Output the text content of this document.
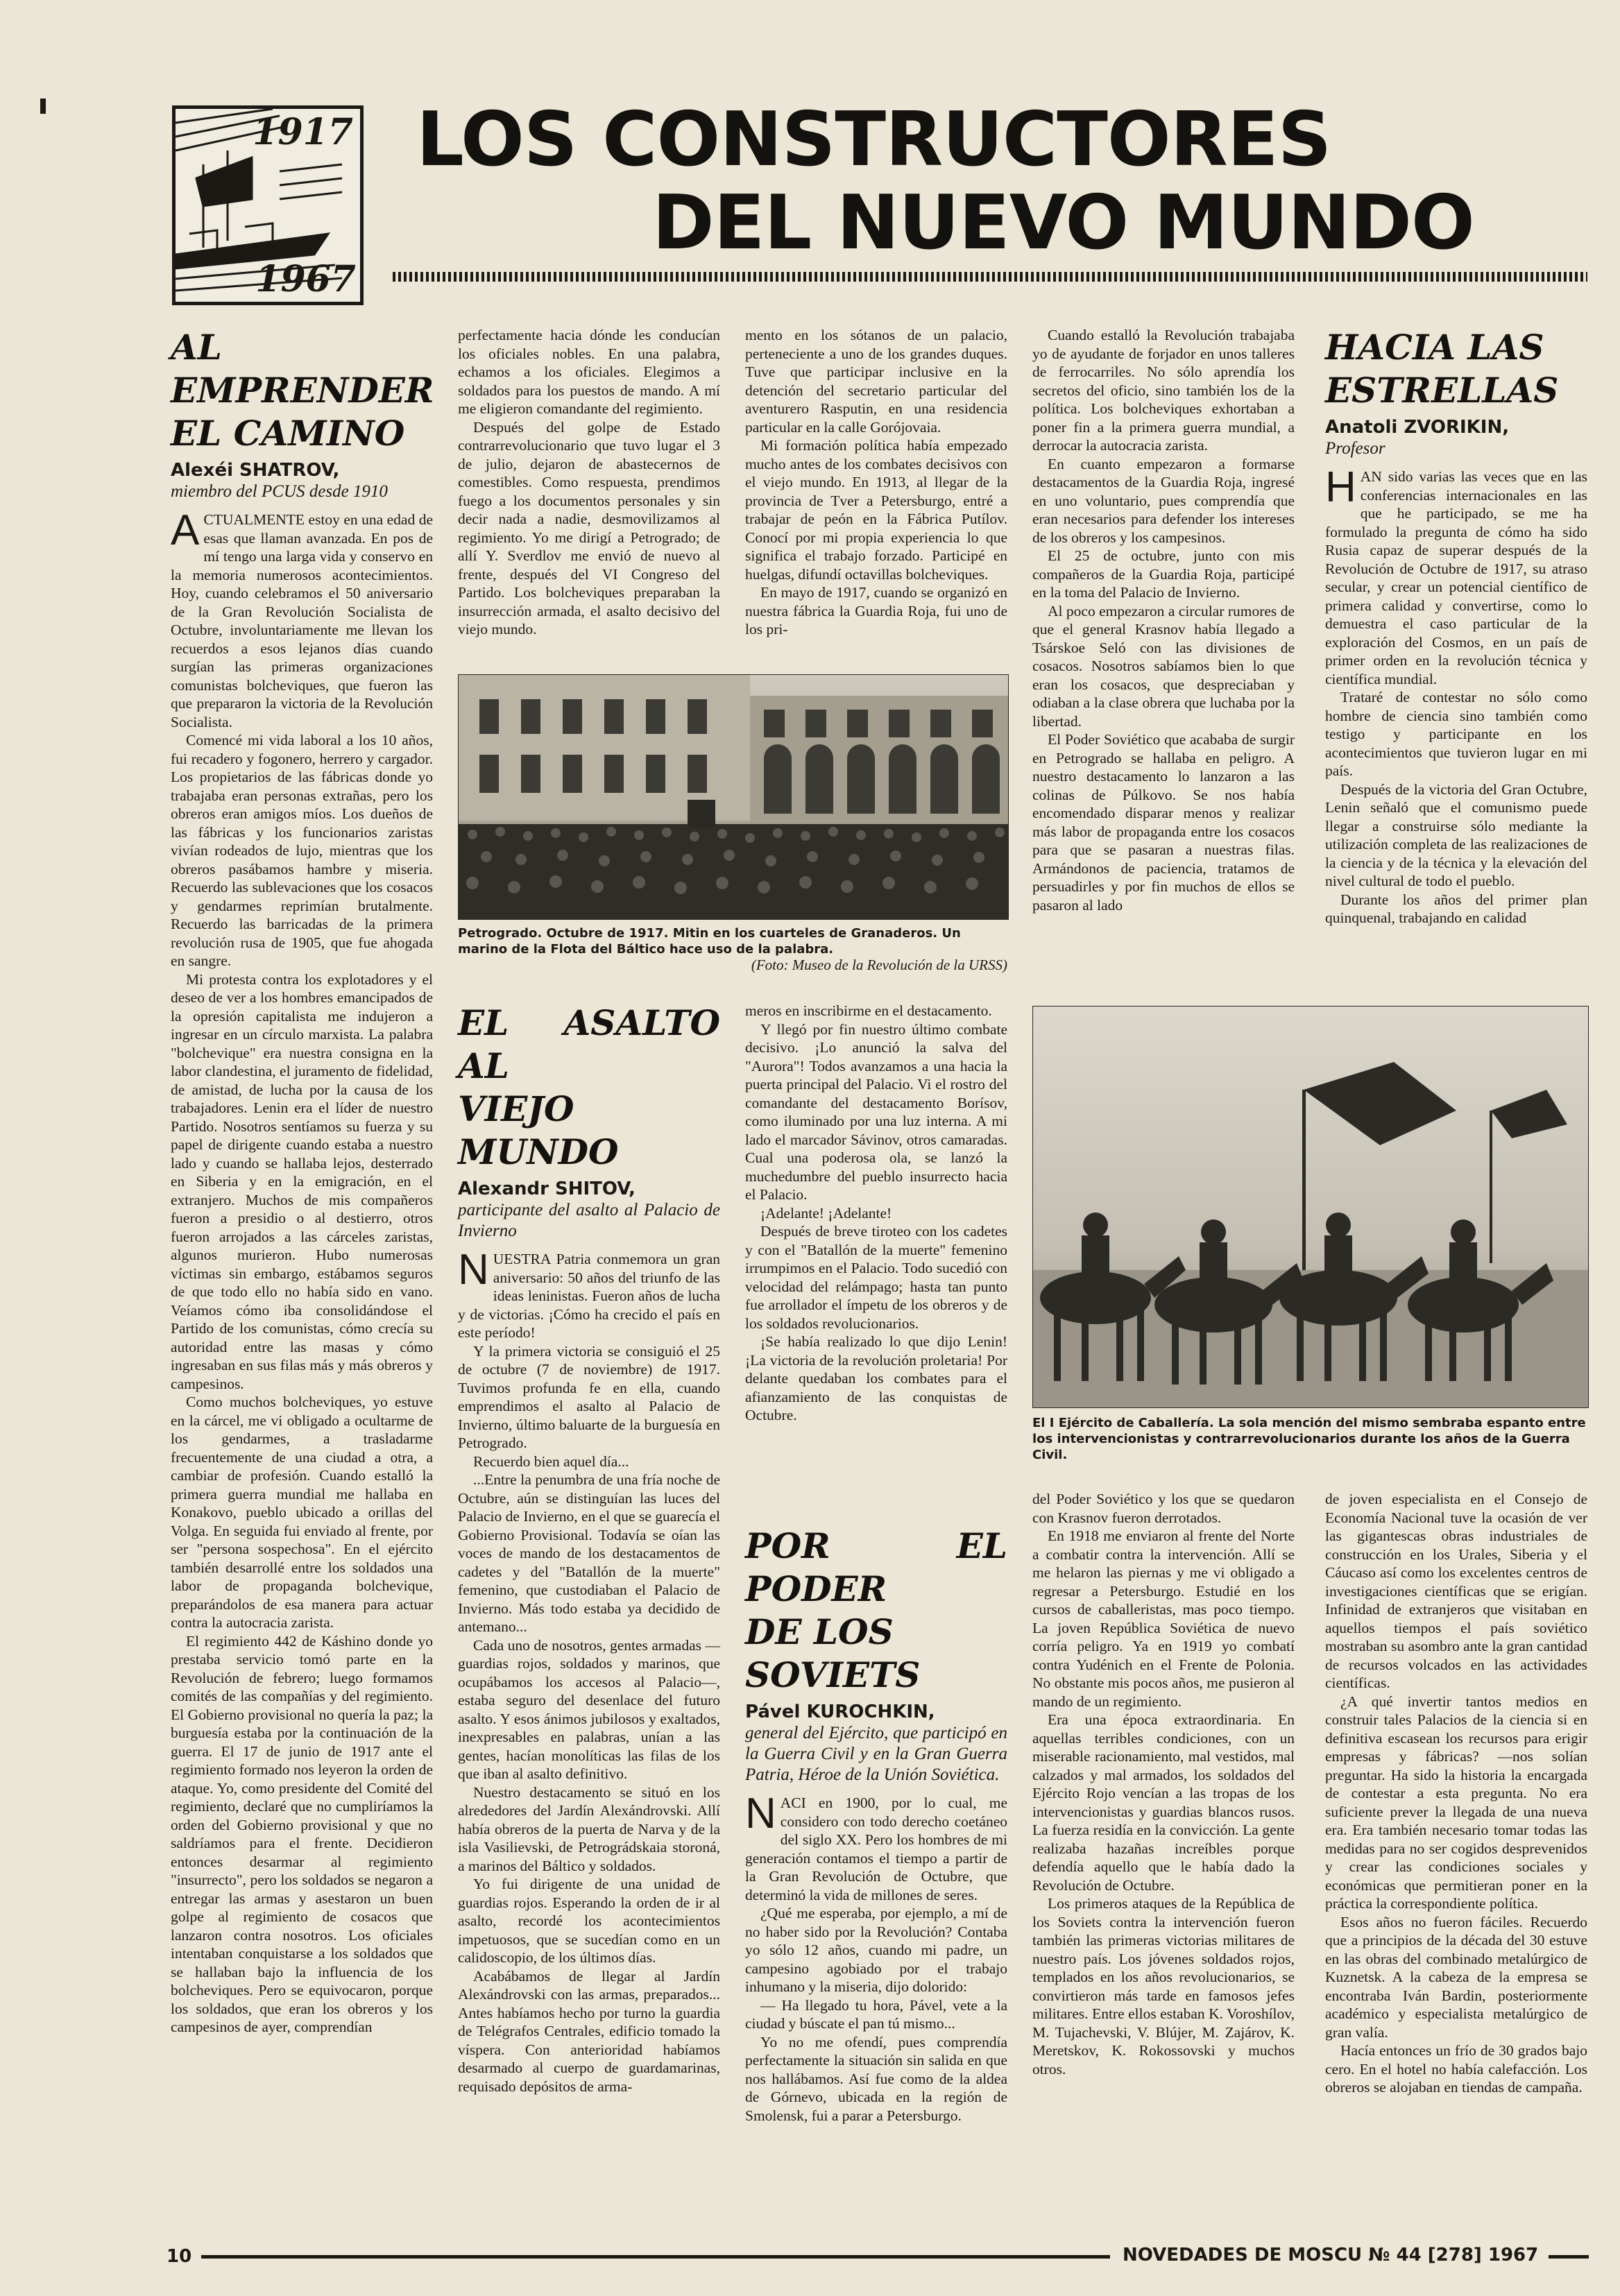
1917
1967
LOS CONSTRUCTORES
DEL NUEVO MUNDO
AL EMPRENDER
EL CAMINO
Alexéi SHATROV,
miembro del PCUS desde 1910

ACTUALMENTE estoy en una edad de esas que llaman avanzada. En pos de mí tengo una larga vida y conservo en la memoria numerosos acontecimientos. Hoy, cuando celebramos el 50 aniversario de la Gran Revolución Socialista de Octubre, involuntariamente me llevan los recuerdos a esos lejanos días cuando surgían las primeras organizaciones comunistas bolcheviques, que fueron las que prepararon la victoria de la Revolución Socialista.

Comencé mi vida laboral a los 10 años, fui recadero y fogonero, herrero y cargador. Los propietarios de las fábricas donde yo trabajaba eran personas extrañas, pero los obreros eran amigos míos. Los dueños de las fábricas y los funcionarios zaristas vivían rodeados de lujo, mientras que los obreros pasábamos hambre y miseria. Recuerdo las sublevaciones que los cosacos y gendarmes reprimían brutalmente. Recuerdo las barricadas de la primera revolución rusa de 1905, que fue ahogada en sangre.

Mi protesta contra los explotadores y el deseo de ver a los hombres emancipados de la opresión capitalista me indujeron a ingresar en un círculo marxista. La palabra "bolchevique" era nuestra consigna en la labor clandestina, el juramento de fidelidad, de amistad, de lucha por la causa de los trabajadores. Lenin era el líder de nuestro Partido. Nosotros sentíamos su fuerza y su papel de dirigente cuando estaba a nuestro lado y cuando se hallaba lejos, desterrado en Siberia y en la emigración, en el extranjero. Muchos de mis compañeros fueron a presidio o al destierro, otros fueron arrojados a las cárceles zaristas, algunos murieron. Hubo numerosas víctimas sin embargo, estábamos seguros de que todo ello no había sido en vano. Veíamos cómo iba consolidándose el Partido de los comunistas, cómo crecía su autoridad entre las masas y cómo ingresaban en sus filas más y más obreros y campesinos.

Como muchos bolcheviques, yo estuve en la cárcel, me vi obligado a ocultarme de los gendarmes, a trasladarme frecuentemente de una ciudad a otra, a cambiar de profesión. Cuando estalló la primera guerra mundial me hallaba en Konakovo, pueblo ubicado a orillas del Volga. En seguida fui enviado al frente, por ser "persona sospechosa". En el ejército también desarrollé entre los soldados una labor de propaganda bolchevique, preparándolos de esa manera para actuar contra la autocracia zarista.

El regimiento 442 de Káshino donde yo prestaba servicio tomó parte en la Revolución de febrero; luego formamos comités de las compañías y del regimiento. El Gobierno provisional no quería la paz; la burguesía estaba por la continuación de la guerra. El 17 de junio de 1917 ante el regimiento formado nos leyeron la orden de ataque. Yo, como presidente del Comité del regimiento, declaré que no cumpliríamos la orden del Gobierno provisional y que no saldríamos para el frente. Decidieron entonces desarmar al regimiento "insurrecto", pero los soldados se negaron a entregar las armas y asestaron un buen golpe al regimiento de cosacos que lanzaron contra nosotros. Los oficiales intentaban conquistarse a los soldados que se hallaban bajo la influencia de los bolcheviques. Pero se equivocaron, porque los soldados, que eran los obreros y los campesinos de ayer, comprendían

perfectamente hacia dónde les conducían los oficiales nobles. En una palabra, echamos a los oficiales. Elegimos a soldados para los puestos de mando. A mí me eligieron comandante del regimiento.

Después del golpe de Estado contrarrevolucionario que tuvo lugar el 3 de julio, dejaron de abastecernos de comestibles. Como respuesta, prendimos fuego a los documentos personales y sin decir nada a nadie, desmovilizamos al regimiento. Yo me dirigí a Petrogrado; de allí Y. Sverdlov me envió de nuevo al frente, después del VI Congreso del Partido. Los bolcheviques preparaban la insurrección armada, el asalto decisivo del viejo mundo.

mento en los sótanos de un palacio, perteneciente a uno de los grandes duques. Tuve que participar inclusive en la detención del secretario particular del aventurero Rasputin, en una residencia particular en la calle Gorójovaia.

Mi formación política había empezado mucho antes de los combates decisivos con el viejo mundo. En 1913, al llegar de la provincia de Tver a Petersburgo, entré a trabajar de peón en la Fábrica Putílov. Conocí por mi propia experiencia lo que significa el trabajo forzado. Participé en huelgas, difundí octavillas bolcheviques.

En mayo de 1917, cuando se organizó en nuestra fábrica la Guardia Roja, fui uno de los pri-

Petrogrado. Octubre de 1917. Mitin en los cuarteles de Granaderos. Un marino de la Flota del Báltico hace uso de la palabra.
(Foto: Museo de la Revolución de la URSS)
EL ASALTO AL
VIEJO MUNDO
Alexandr SHITOV,
participante del asalto al Palacio de Invierno

NUESTRA Patria conmemora un gran aniversario: 50 años del triunfo de las ideas leninistas. Fueron años de lucha y de victorias. ¡Cómo ha crecido el país en este período!

Y la primera victoria se consiguió el 25 de octubre (7 de noviembre) de 1917. Tuvimos profunda fe en ella, cuando emprendimos el asalto al Palacio de Invierno, último baluarte de la burguesía en Petrogrado.

Recuerdo bien aquel día...

...Entre la penumbra de una fría noche de Octubre, aún se distinguían las luces del Palacio de Invierno, en el que se guarecía el Gobierno Provisional. Todavía se oían las voces de mando de los destacamentos de cadetes y del "Batallón de la muerte" femenino, que custodiaban el Palacio de Invierno. Más todo estaba ya decidido de antemano...

Cada uno de nosotros, gentes armadas —guardias rojos, soldados y marinos, que ocupábamos los accesos al Palacio—, estaba seguro del desenlace del futuro asalto. Y esos ánimos jubilosos y exaltados, inexpresables en palabras, unían a las gentes, hacían monolíticas las filas de los que iban al asalto definitivo.

Nuestro destacamento se situó en los alrededores del Jardín Alexándrovski. Allí había obreros de la puerta de Narva y de la isla Vasilievski, de Petrográdskaia storoná, a marinos del Báltico y soldados.

Yo fui dirigente de una unidad de guardias rojos. Esperando la orden de ir al asalto, recordé los acontecimientos impetuosos, que se sucedían como en un calidoscopio, de los últimos días.

Acabábamos de llegar al Jardín Alexándrovski con las armas, preparados... Antes habíamos hecho por turno la guardia de Telégrafos Centrales, edificio tomado la víspera. Con anterioridad habíamos desarmado al cuerpo de guardamarinas, requisado depósitos de arma-

meros en inscribirme en el destacamento.

Y llegó por fin nuestro último combate decisivo. ¡Lo anunció la salva del "Aurora"! Todos avanzamos a una hacia la puerta principal del Palacio. Vi el rostro del comandante del destacamento Borísov, como iluminado por una luz interna. A mi lado el marcador Sávinov, otros camaradas. Cual una poderosa ola, se lanzó la muchedumbre del pueblo insurrecto hacia el Palacio.

¡Adelante! ¡Adelante!

Después de breve tiroteo con los cadetes y con el "Batallón de la muerte" femenino irrumpimos en el Palacio. Todo sucedió con velocidad del relámpago; hasta tan punto fue arrollador el ímpetu de los obreros y de los soldados revolucionarios.

¡Se había realizado lo que dijo Lenin! ¡La victoria de la revolución proletaria! Por delante quedaban los combates para el afianzamiento de las conquistas de Octubre.

POR EL PODER
DE LOS
SOVIETS
Pável KUROCHKIN,
general del Ejército, que participó en la Guerra Civil y en la Gran Guerra Patria, Héroe de la Unión Soviética.

NACI en 1900, por lo cual, me considero con todo derecho coetáneo del siglo XX. Pero los hombres de mi generación contamos el tiempo a partir de la Gran Revolución de Octubre, que determinó la vida de millones de seres.

¿Qué me esperaba, por ejemplo, a mí de no haber sido por la Revolución? Contaba yo sólo 12 años, cuando mi padre, un campesino agobiado por el trabajo inhumano y la miseria, dijo dolorido:

— Ha llegado tu hora, Pável, vete a la ciudad y búscate el pan tú mismo...

Yo no me ofendí, pues comprendía perfectamente la situación sin salida en que nos hallábamos. Así fue como de la aldea de Górnevo, ubicada en la región de Smolensk, fui a parar a Petersburgo.

Cuando estalló la Revolución trabajaba yo de ayudante de forjador en unos talleres de ferrocarriles. No sólo aprendía los secretos del oficio, sino también los de la política. Los bolcheviques exhortaban a poner fin a la primera guerra mundial, a derrocar la autocracia zarista.

En cuanto empezaron a formarse destacamentos de la Guardia Roja, ingresé en uno voluntario, pues comprendía que eran necesarios para defender los intereses de los obreros y los campesinos.

El 25 de octubre, junto con mis compañeros de la Guardia Roja, participé en la toma del Palacio de Invierno.

Al poco empezaron a circular rumores de que el general Krasnov había llegado a Tsárskoe Seló con las divisiones de cosacos. Nosotros sabíamos bien lo que eran los cosacos, que despreciaban y odiaban a la clase obrera que luchaba por la libertad.

El Poder Soviético que acababa de surgir en Petrogrado se hallaba en peligro. A nuestro destacamento lo lanzaron a las colinas de Púlkovo. Se nos había encomendado disparar menos y realizar más labor de propaganda entre los cosacos para que se pasaran a nuestras filas. Armándonos de paciencia, tratamos de persuadirles y por fin muchos de ellos se pasaron al lado

HACIA LAS
ESTRELLAS
Anatoli ZVORIKIN,
Profesor

HAN sido varias las veces que en las conferencias internacionales en las que he participado, se me ha formulado la pregunta de cómo ha sido Rusia capaz de superar después de la Revolución de Octubre de 1917, su atraso secular, y crear un potencial científico de primera calidad y convertirse, como lo demuestra el caso particular de la exploración del Cosmos, en un país de primer orden en la revolución técnica y científica mundial.

Trataré de contestar no sólo como hombre de ciencia sino también como testigo y participante en los acontecimientos que tuvieron lugar en mi país.

Después de la victoria del Gran Octubre, Lenin señaló que el comunismo puede llegar a construirse sólo mediante la utilización completa de las realizaciones de la ciencia y de la técnica y la elevación del nivel cultural de todo el pueblo.

Durante los años del primer plan quinquenal, trabajando en calidad

El I Ejército de Caballería. La sola mención del mismo sembraba espanto entre los intervencionistas y contrarrevolucionarios durante los años de la Guerra Civil.

del Poder Soviético y los que se quedaron con Krasnov fueron derrotados.

En 1918 me enviaron al frente del Norte a combatir contra la intervención. Allí se me helaron las piernas y me vi obligado a regresar a Petersburgo. Estudié en los cursos de caballeristas, mas poco tiempo. La joven República Soviética de nuevo corría peligro. Ya en 1919 yo combatí contra Yudénich en el Frente de Polonia. No obstante mis pocos años, me pusieron al mando de un regimiento.

Era una época extraordinaria. En aquellas terribles condiciones, con un miserable racionamiento, mal vestidos, mal calzados y mal armados, los soldados del Ejército Rojo vencían a las tropas de los intervencionistas y guardias blancos rusos. La fuerza residía en la convicción. La gente realizaba hazañas increíbles porque defendía aquello que le había dado la Revolución de Octubre.

Los primeros ataques de la República de los Soviets contra la intervención fueron también las primeras victorias militares de nuestro país. Los jóvenes soldados rojos, templados en los años revolucionarios, se convirtieron más tarde en famosos jefes militares. Entre ellos estaban K. Voroshílov, M. Tujachevski, V. Blújer, M. Zajárov, K. Meretskov, K. Rokossovski y muchos otros.

de joven especialista en el Consejo de Economía Nacional tuve la ocasión de ver las gigantescas obras industriales de construcción en los Urales, Siberia y el Cáucaso así como los excelentes centros de investigaciones científicas que se erigían. Infinidad de extranjeros que visitaban en aquellos tiempos el país soviético mostraban su asombro ante la gran cantidad de recursos volcados en las actividades científicas.

¿A qué invertir tantos medios en construir tales Palacios de la ciencia si en definitiva escasean los recursos para erigir empresas y fábricas? —nos solían preguntar. Ha sido la historia la encargada de contestar a esta pregunta. No era suficiente prever la llegada de una nueva era. Era también necesario tomar todas las medidas para no ser cogidos desprevenidos y crear las condiciones sociales y económicas que permitieran poner en la práctica la correspondiente política.

Esos años no fueron fáciles. Recuerdo que a principios de la década del 30 estuve en las obras del combinado metalúrgico de Kuznetsk. A la cabeza de la empresa se encontraba Iván Bardin, posteriormente académico y especialista metalúrgico de gran valía.

Hacía entonces un frío de 30 grados bajo cero. En el hotel no había calefacción. Los obreros se alojaban en tiendas de campaña.

10	NOVEDADES DE MOSCU № 44 [278] 1967
